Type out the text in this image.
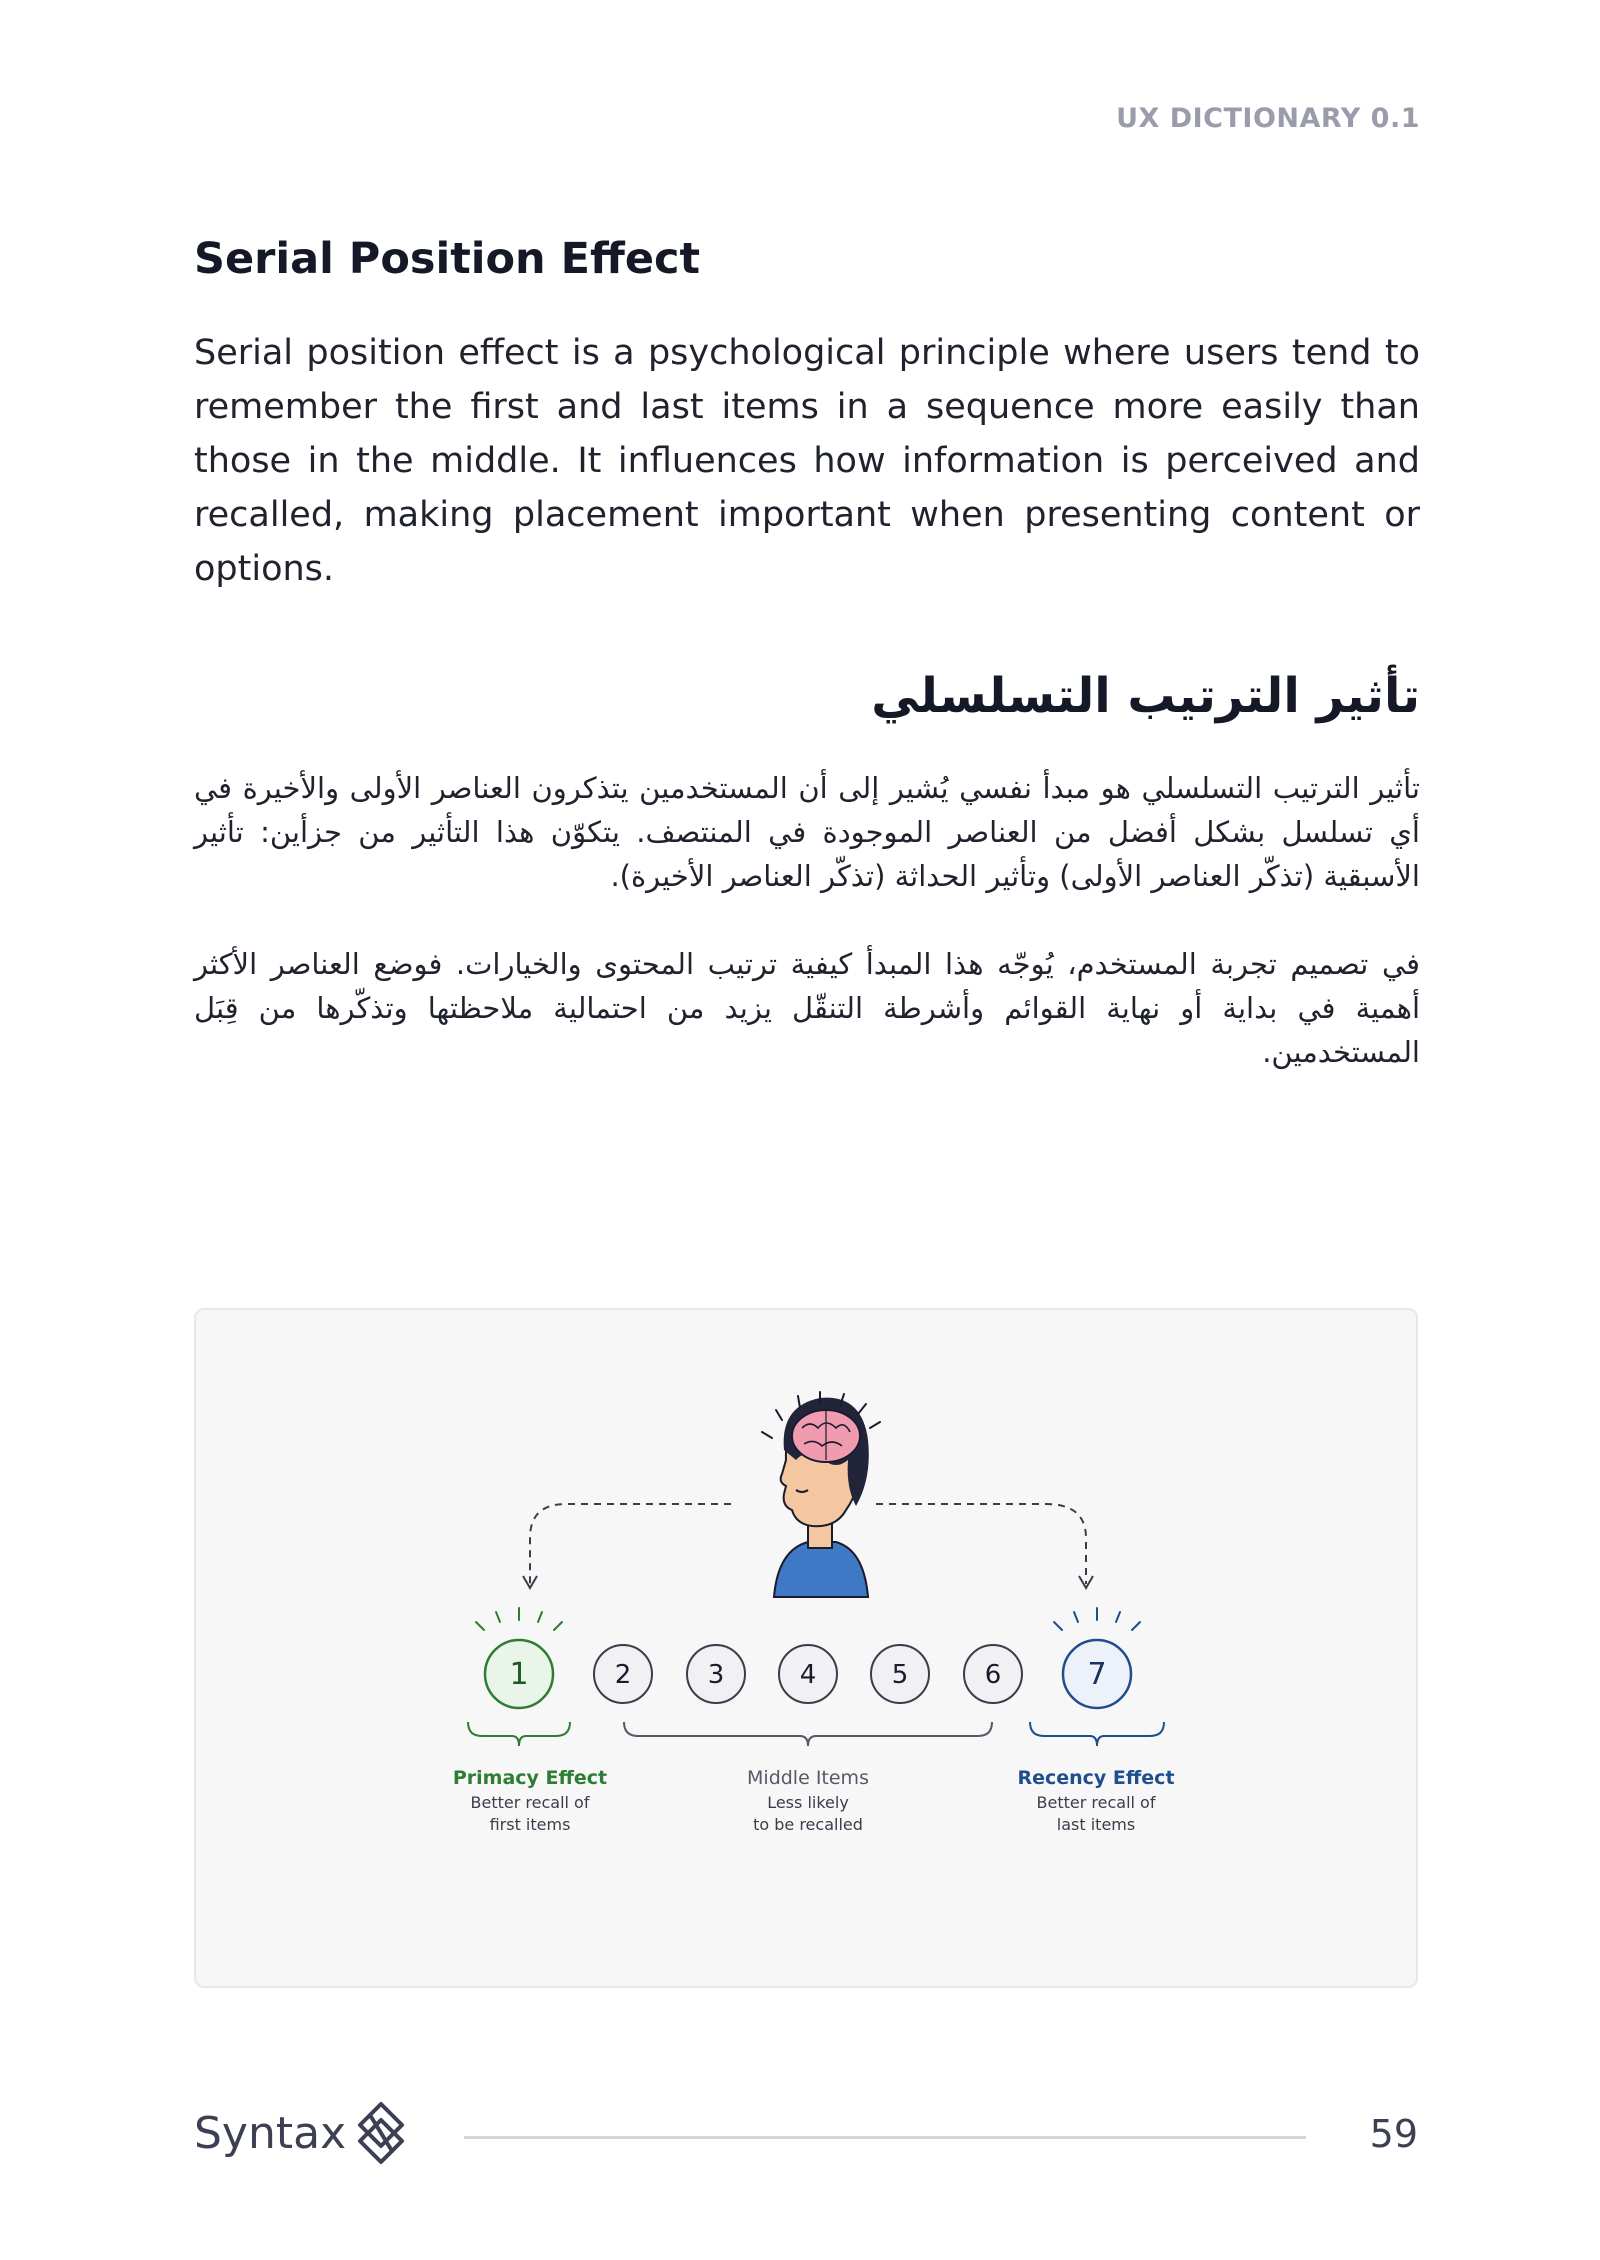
UX DICTIONARY 0.1
Serial Position Effect

Serial position effect is a psychological principle where users tend to remember the first and last items in a sequence more easily than those in the middle. It influences how information is perceived and recalled, making placement important when presenting content or options.

تأثير الترتيب التسلسلي

تأثير الترتيب التسلسلي هو مبدأ نفسي يُشير إلى أن المستخدمين يتذكرون العناصر الأولى والأخيرة في أي تسلسل بشكل أفضل من العناصر الموجودة في المنتصف. يتكوّن هذا التأثير من جزأين: تأثير الأسبقية (تذكّر العناصر الأولى) وتأثير الحداثة (تذكّر العناصر الأخيرة).

في تصميم تجربة المستخدم، يُوجّه هذا المبدأ كيفية ترتيب المحتوى والخيارات. فوضع العناصر الأكثر أهمية في بداية أو نهاية القوائم وأشرطة التنقّل يزيد من احتمالية ملاحظتها وتذكّرها من قِبَل المستخدمين.

1	2	3	4	5	6	7
Primacy Effect
Better recall of
first items
Middle Items
Less likely
to be recalled
Recency Effect
Better recall of
last items
Syntax	59
